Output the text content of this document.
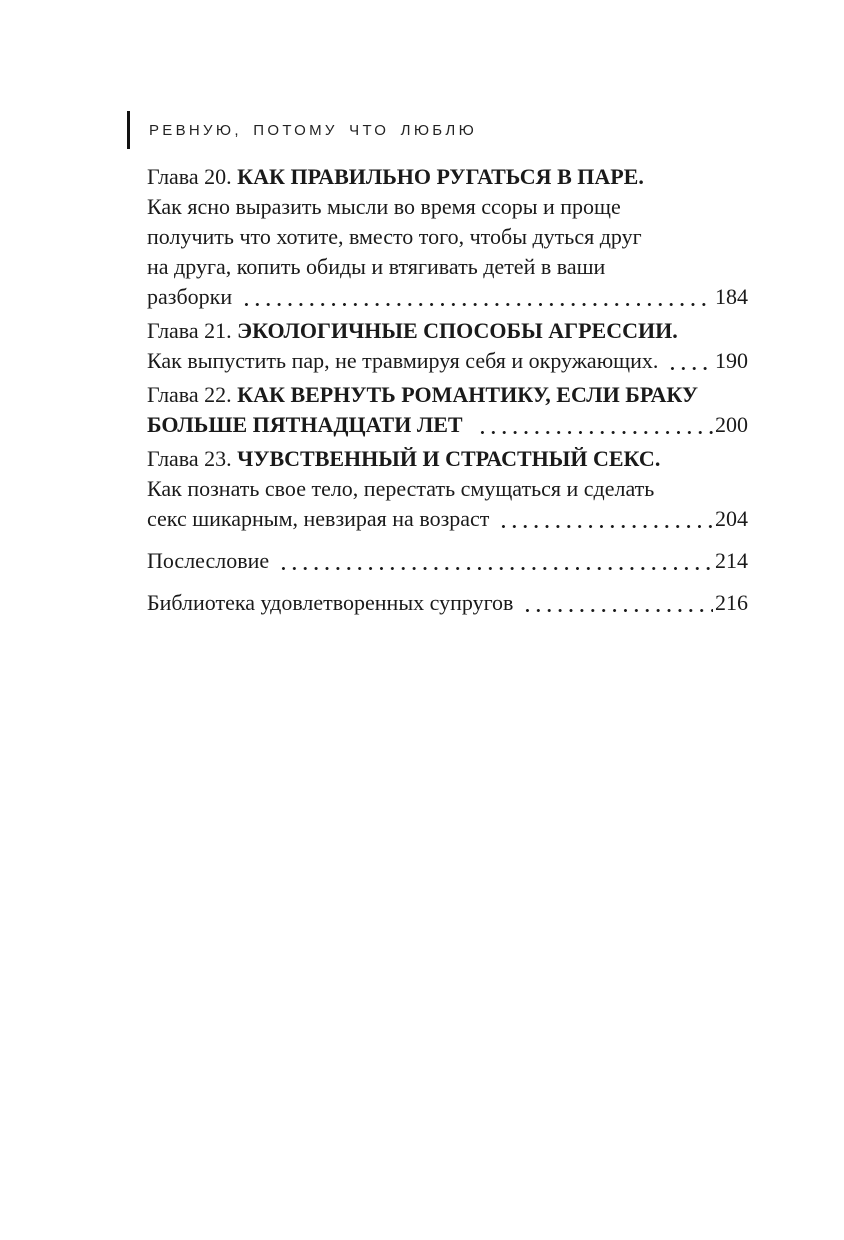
РЕВНУЮ, ПОТОМУ ЧТО ЛЮБЛЮ
Глава 20. КАК ПРАВИЛЬНО РУГАТЬСЯ В ПАРЕ.
Как ясно выразить мысли во время ссоры и проще
получить что хотите, вместо того, чтобы дуться друг
на друга, копить обиды и втягивать детей в ваши
разборки	184
Глава 21. ЭКОЛОГИЧНЫЕ СПОСОБЫ АГРЕССИИ.
Как выпустить пар, не травмируя себя и окружающих.	190
Глава 22. КАК ВЕРНУТЬ РОМАНТИКУ, ЕСЛИ БРАКУ
БОЛЬШЕ ПЯТНАДЦАТИ ЛЕТ	200
Глава 23. ЧУВСТВЕННЫЙ И СТРАСТНЫЙ СЕКС.
Как познать свое тело, перестать смущаться и сделать
секс шикарным, невзирая на возраст	204
Послесловие	214
Библиотека удовлетворенных супругов	216
